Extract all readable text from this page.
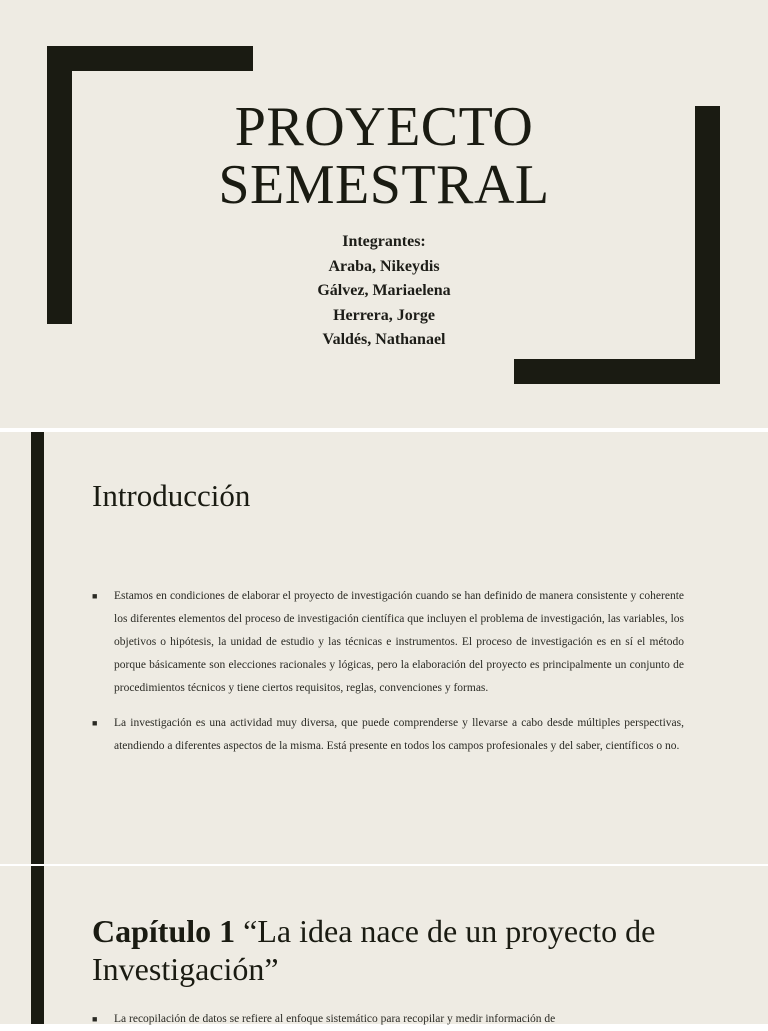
PROYECTO
SEMESTRAL
Integrantes:
Araba, Nikeydis
Gálvez, Mariaelena
Herrera, Jorge
Valdés, Nathanael
Introducción
■ Estamos en condiciones de elaborar el proyecto de investigación cuando se han definido de manera consistente y coherente los diferentes elementos del proceso de investigación científica que incluyen el problema de investigación, las variables, los objetivos o hipótesis, la unidad de estudio y las técnicas e instrumentos. El proceso de investigación es en sí el método porque básicamente son elecciones racionales y lógicas, pero la elaboración del proyecto es principalmente un conjunto de procedimientos técnicos y tiene ciertos requisitos, reglas, convenciones y formas.
■ La investigación es una actividad muy diversa, que puede comprenderse y llevarse a cabo desde múltiples perspectivas, atendiendo a diferentes aspectos de la misma. Está presente en todos los campos profesionales y del saber, científicos o no.
Capítulo 1 “La idea nace de un proyecto de Investigación”
■ La recopilación de datos se refiere al enfoque sistemático para recopilar y medir información de
